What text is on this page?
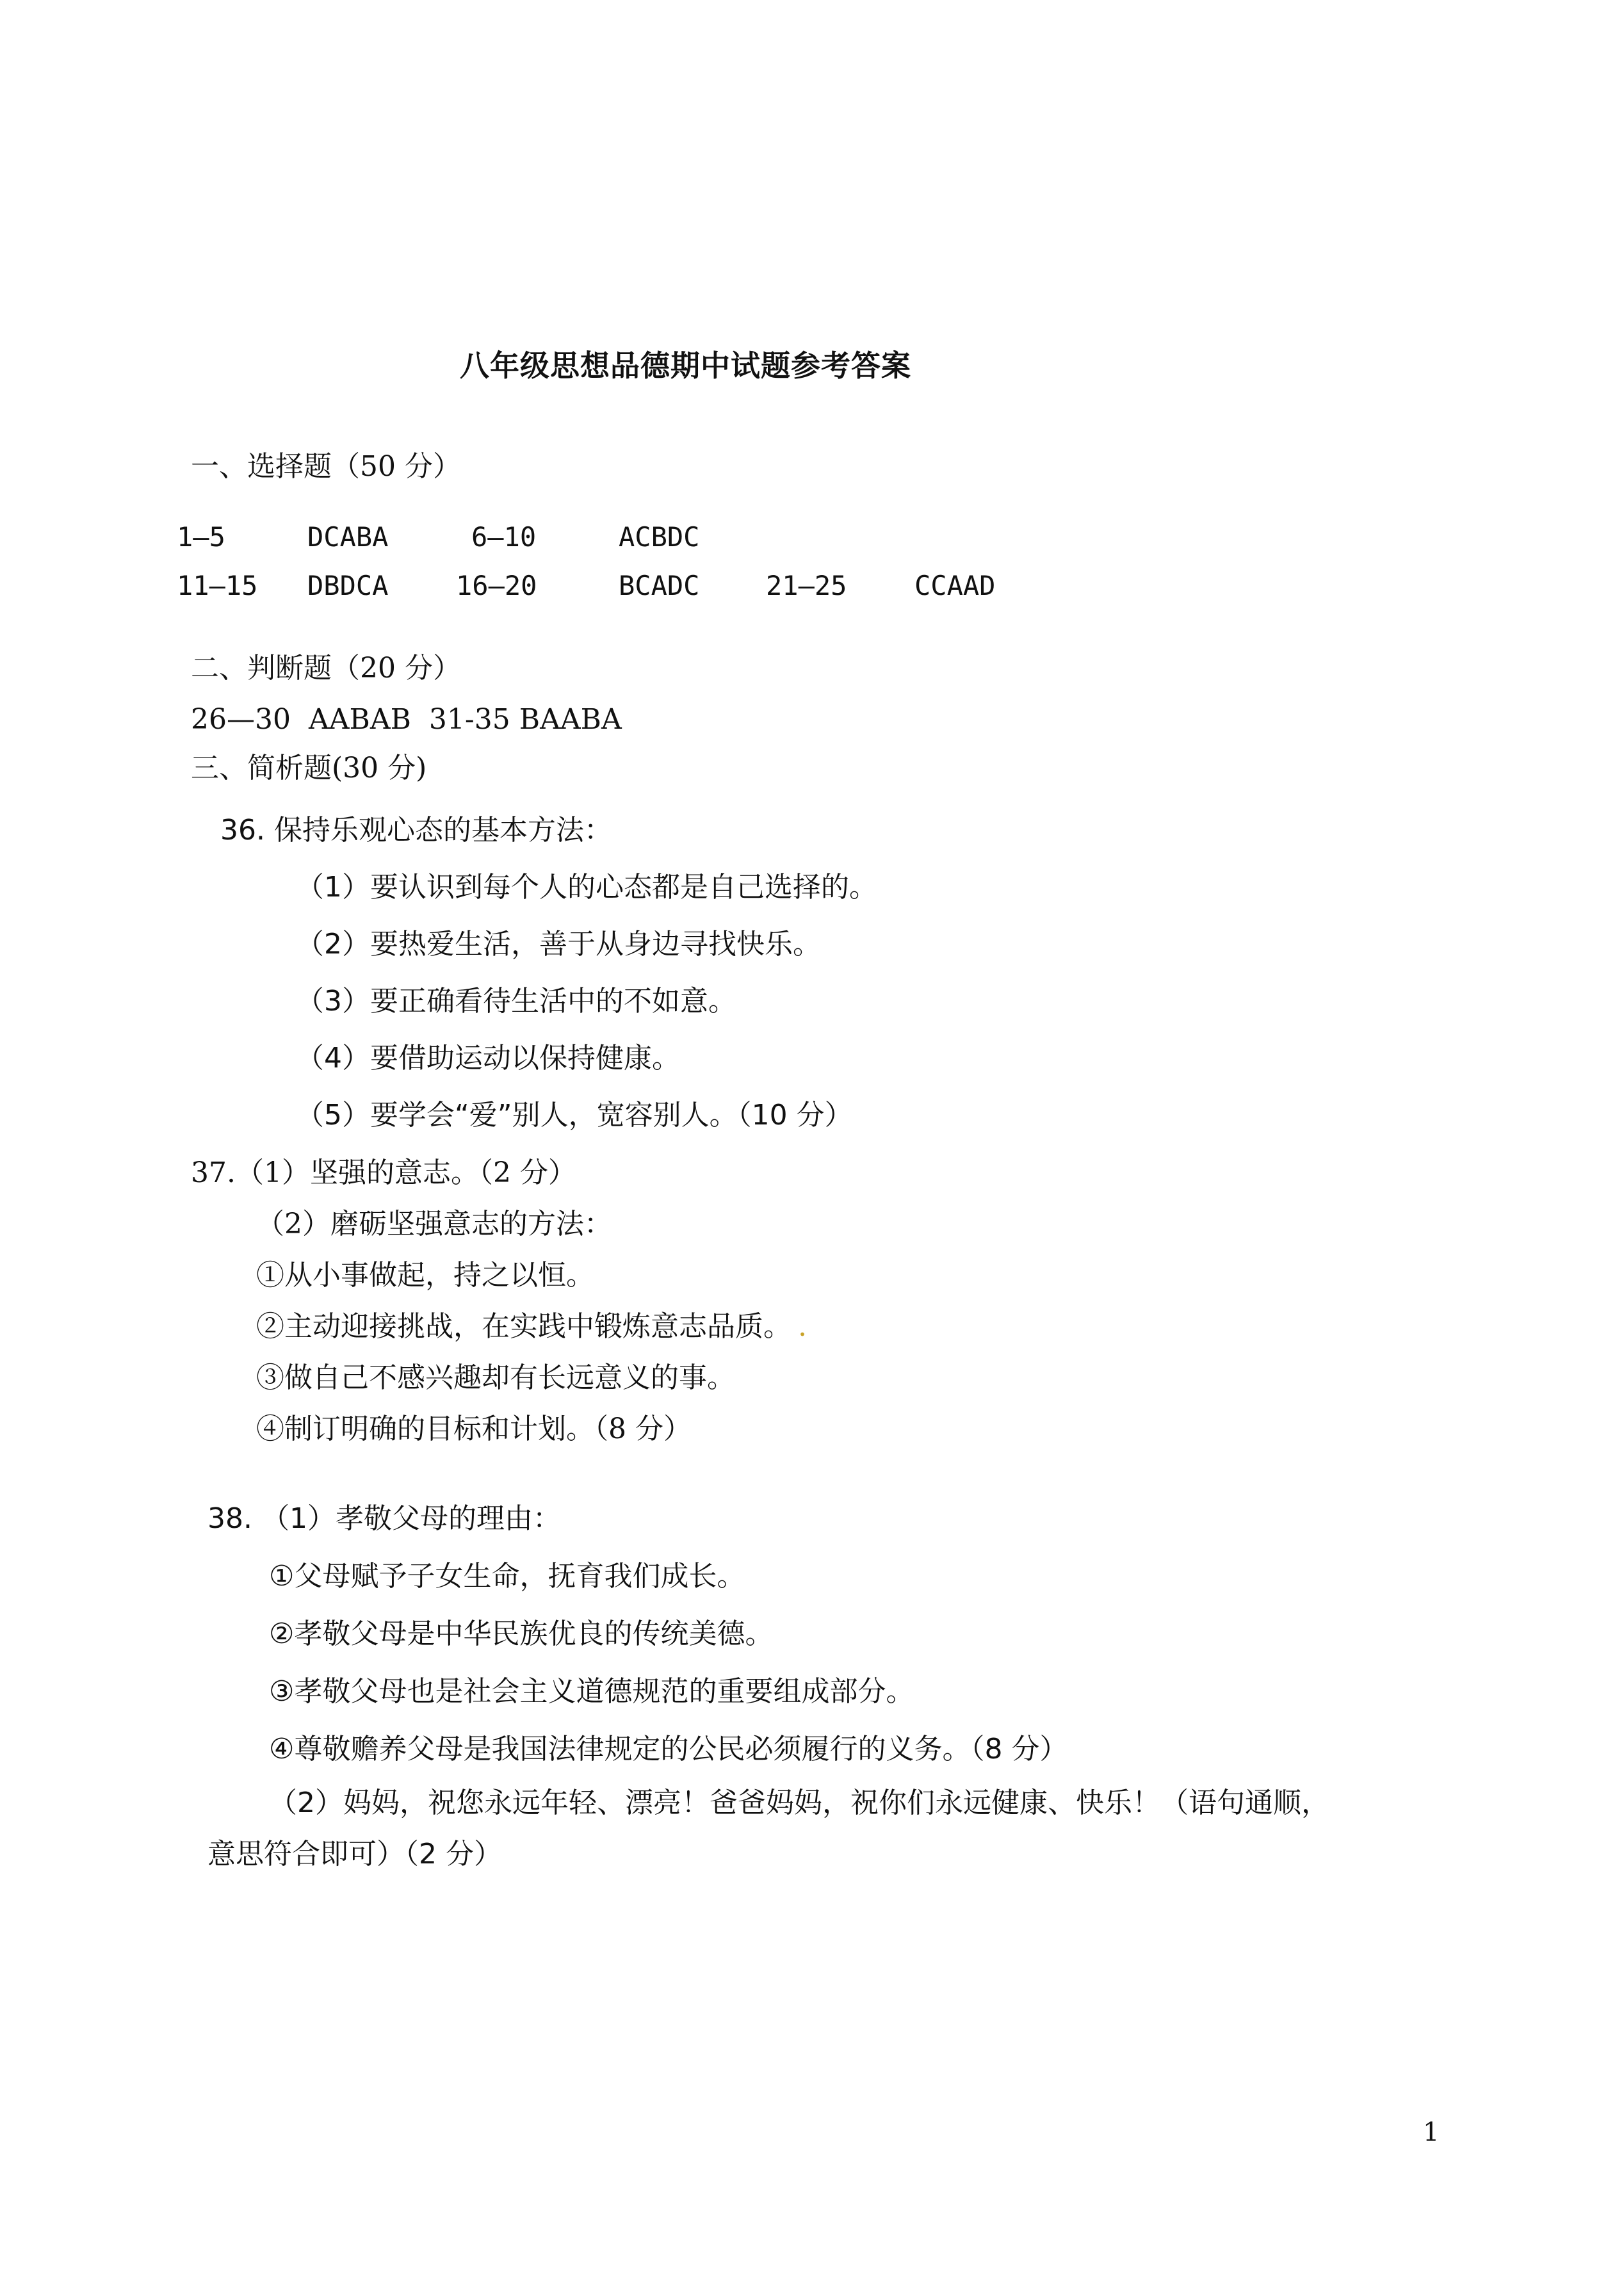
八年级思想品德期中试题参考答案
一、选择题（50 分）
1—5	DCABA	6—10	ACBDC
11—15 DBDCA	16—20	BCADC 21—25	CCAAD
二、判断题（20 分）
26—30  AABAB  31-35 BAABA
三、简析题(30 分)
36. 保持乐观心态的基本方法：
（1）要认识到每个人的心态都是自己选择的。
（2）要热爱生活，善于从身边寻找快乐。
（3）要正确看待生活中的不如意。
（4）要借助运动以保持健康。
（5）要学会“爱”别人，宽容别人。（10 分）
37.（1）坚强的意志。（2 分）
（2）磨砺坚强意志的方法：
①从小事做起，持之以恒。
②主动迎接挑战，在实践中锻炼意志品质。 .
③做自己不感兴趣却有长远意义的事。
④制订明确的目标和计划。（8 分）
38. （1）孝敬父母的理由：
①父母赋予子女生命，抚育我们成长。
②孝敬父母是中华民族优良的传统美德。
③孝敬父母也是社会主义道德规范的重要组成部分。
④尊敬赡养父母是我国法律规定的公民必须履行的义务。（8 分）
（2）妈妈，祝您永远年轻、漂亮！爸爸妈妈，祝你们永远健康、快乐！（语句通顺，
意思符合即可）（2 分）
1
